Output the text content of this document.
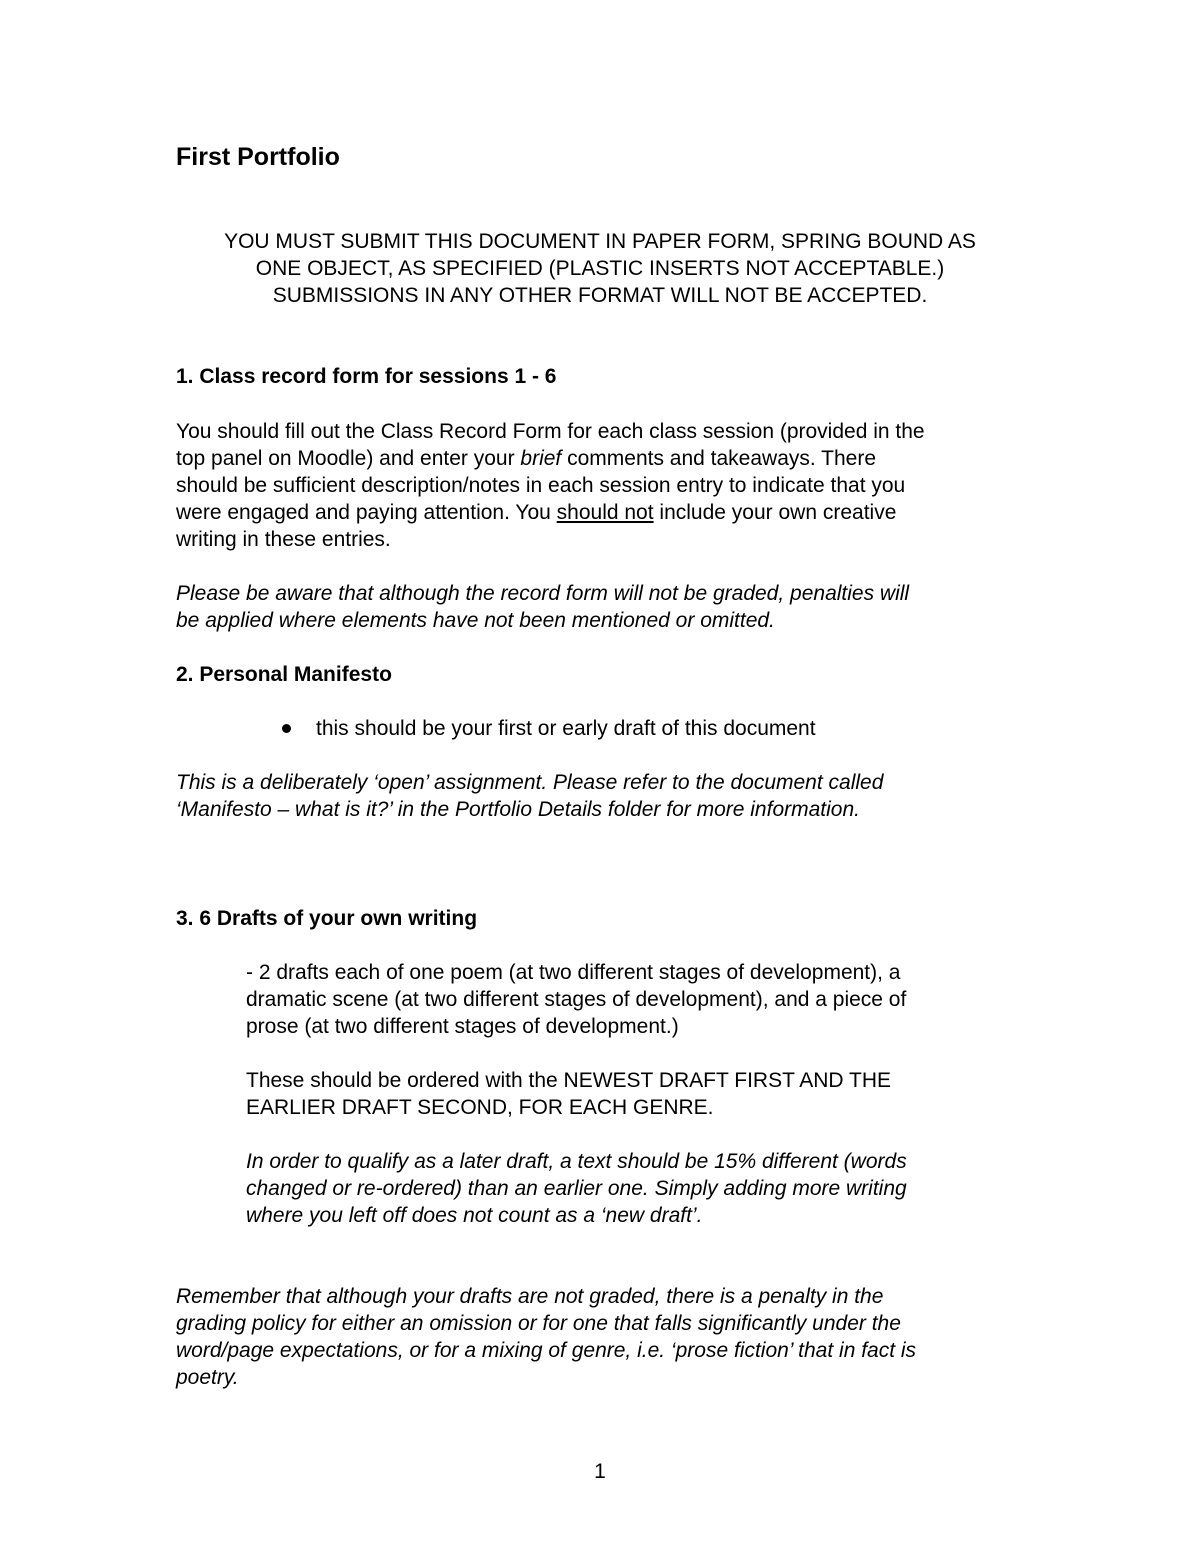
First Portfolio
YOU MUST SUBMIT THIS DOCUMENT IN PAPER FORM, SPRING BOUND AS
ONE OBJECT, AS SPECIFIED (PLASTIC INSERTS NOT ACCEPTABLE.)
SUBMISSIONS IN ANY OTHER FORMAT WILL NOT BE ACCEPTED.
1. Class record form for sessions 1 - 6
You should fill out the Class Record Form for each class session (provided in the
top panel on Moodle) and enter your brief comments and takeaways. There
should be sufficient description/notes in each session entry to indicate that you
were engaged and paying attention. You should not include your own creative
writing in these entries.
Please be aware that although the record form will not be graded, penalties will
be applied where elements have not been mentioned or omitted.
2. Personal Manifesto
this should be your first or early draft of this document
This is a deliberately ‘open’ assignment. Please refer to the document called
‘Manifesto – what is it?’ in the Portfolio Details folder for more information.
3. 6 Drafts of your own writing
- 2 drafts each of one poem (at two different stages of development), a
dramatic scene (at two different stages of development), and a piece of
prose (at two different stages of development.)
These should be ordered with the NEWEST DRAFT FIRST AND THE
EARLIER DRAFT SECOND, FOR EACH GENRE.
In order to qualify as a later draft, a text should be 15% different (words
changed or re-ordered) than an earlier one. Simply adding more writing
where you left off does not count as a ‘new draft’.
Remember that although your drafts are not graded, there is a penalty in the
grading policy for either an omission or for one that falls significantly under the
word/page expectations, or for a mixing of genre, i.e. ‘prose fiction’ that in fact is
poetry.
1
